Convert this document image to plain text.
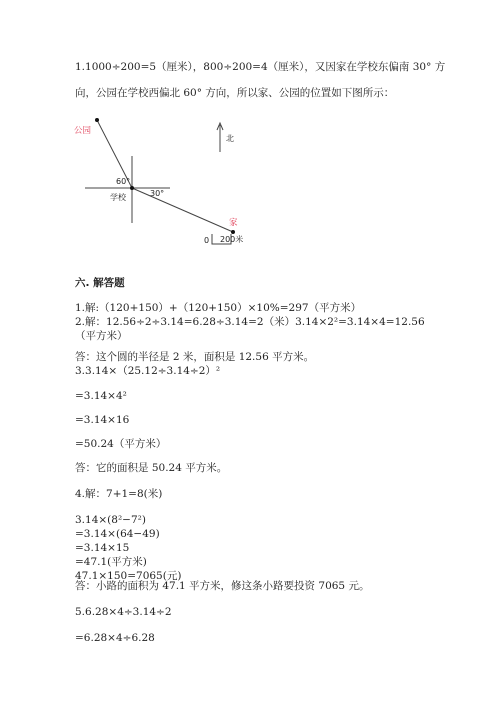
1.1000÷200=5（厘米），800÷200=4（厘米），又因家在学校东偏南 30° 方
向，公园在学校西偏北 60° 方向，所以家、公园的位置如下图所示：
公园
60°
30°
学校
家
北
0 200米
六. 解答题
1.解:（120+150）+（120+150）×10%=297（平方米）
2.解：12.56÷2÷3.14=6.28÷3.14=2（米）3.14×2²=3.14×4=12.56（平方米）
答：这个圆的半径是 2 米，面积是 12.56 平方米。
3.3.14×（25.12÷3.14÷2）²
=3.14×4²
=3.14×16
=50.24（平方米）
答：它的面积是 50.24 平方米。
4.解：7+1=8(米)
3.14×(8²−7²)
=3.14×(64−49)
=3.14×15
=47.1(平方米)
47.1×150=7065(元)
答：小路的面积为 47.1 平方米，修这条小路要投资 7065 元。
5.6.28×4÷3.14÷2
=6.28×4÷6.28
